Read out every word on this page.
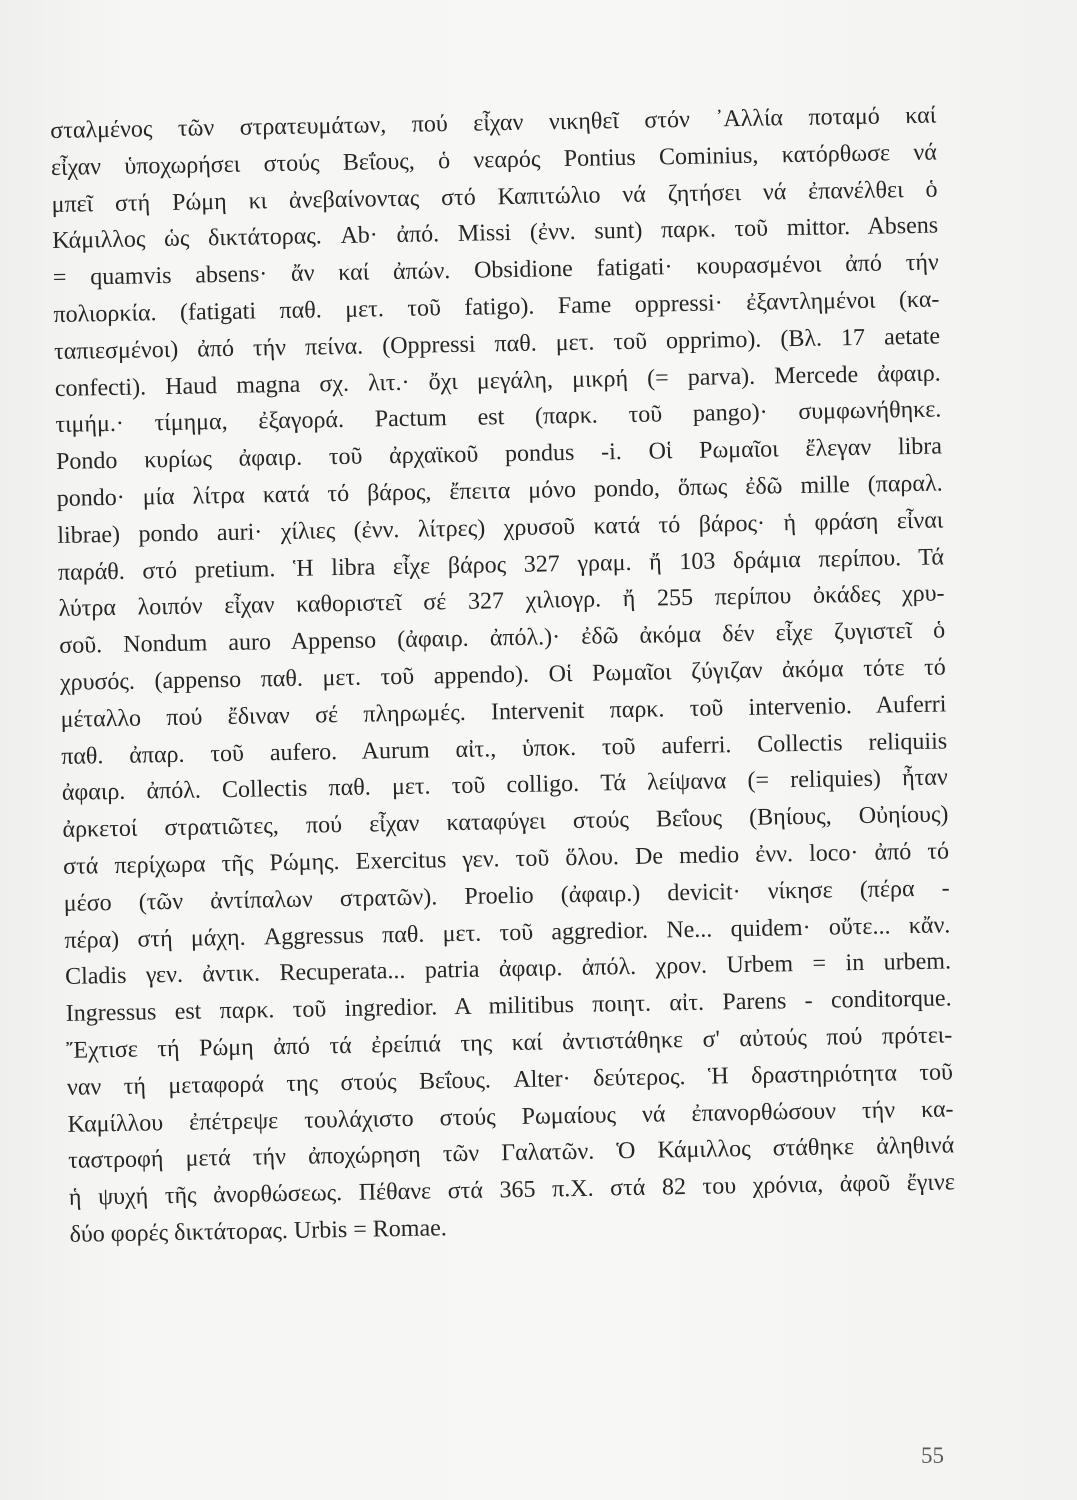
σταλμένος τῶν στρατευμάτων, πού εἶχαν νικηθεῖ στόν ᾿Αλλία ποταμό καί
εἶχαν ὑποχωρήσει στούς Βεΐους, ὁ νεαρός Pontius Cominius, κατόρθωσε νά
μπεῖ στή Ρώμη κι ἀνεβαίνοντας στό Καπιτώλιο νά ζητήσει νά ἐπανέλθει ὁ
Κάμιλλος ὡς δικτάτορας. Ab· ἀπό. Missi (ἐνν. sunt) παρκ. τοῦ mittor. Absens
= quamvis absens· ἄν καί ἀπών. Obsidione fatigati· κουρασμένοι ἀπό τήν
πολιορκία. (fatigati παθ. μετ. τοῦ fatigo). Fame oppressi· ἐξαντλημένοι (κα-
ταπιεσμένοι) ἀπό τήν πείνα. (Oppressi παθ. μετ. τοῦ opprimo). (Βλ. 17 aetate
confecti). Haud magna σχ. λιτ.· ὄχι μεγάλη, μικρή (= parva). Mercede ἀφαιρ.
τιμήμ.· τίμημα, ἐξαγορά. Pactum est (παρκ. τοῦ pango)· συμφωνήθηκε.
Pondo κυρίως ἀφαιρ. τοῦ ἀρχαϊκοῦ pondus -i. Οἱ Ρωμαῖοι ἔλεγαν libra
pondo· μία λίτρα κατά τό βάρος, ἔπειτα μόνο pondo, ὅπως ἐδῶ mille (παραλ.
librae) pondo auri· χίλιες (ἐνν. λίτρες) χρυσοῦ κατά τό βάρος· ἡ φράση εἶναι
παράθ. στό pretium. Ἡ libra εἶχε βάρος 327 γραμ. ἤ 103 δράμια περίπου. Τά
λύτρα λοιπόν εἶχαν καθοριστεῖ σέ 327 χιλιογρ. ἤ 255 περίπου ὀκάδες χρυ-
σοῦ. Nondum auro Appenso (ἀφαιρ. ἀπόλ.)· ἐδῶ ἀκόμα δέν εἶχε ζυγιστεῖ ὁ
χρυσός. (appenso παθ. μετ. τοῦ appendo). Οἱ Ρωμαῖοι ζύγιζαν ἀκόμα τότε τό
μέταλλο πού ἔδιναν σέ πληρωμές. Intervenit παρκ. τοῦ intervenio. Auferri
παθ. ἀπαρ. τοῦ aufero. Aurum αἰτ., ὑποκ. τοῦ auferri. Collectis reliquiis
ἀφαιρ. ἀπόλ. Collectis παθ. μετ. τοῦ colligo. Τά λείψανα (= reliquies) ἦταν
ἀρκετοί στρατιῶτες, πού εἶχαν καταφύγει στούς Βεΐους (Βηίους, Οὐηίους)
στά περίχωρα τῆς Ρώμης. Exercitus γεν. τοῦ ὅλου. De medio ἐνν. loco· ἀπό τό
μέσο (τῶν ἀντίπαλων στρατῶν). Proelio (ἀφαιρ.) devicit· νίκησε (πέρα -
πέρα) στή μάχη. Aggressus παθ. μετ. τοῦ aggredior. Ne... quidem· οὔτε... κἄν.
Cladis γεν. ἀντικ. Recuperata... patria ἀφαιρ. ἀπόλ. χρον. Urbem = in urbem.
Ingressus est παρκ. τοῦ ingredior. A militibus ποιητ. αἰτ. Parens - conditorque.
Ἔχτισε τή Ρώμη ἀπό τά ἐρείπιά της καί ἀντιστάθηκε σ' αὐτούς πού πρότει-
ναν τή μεταφορά της στούς Βεΐους. Alter· δεύτερος. Ἡ δραστηριότητα τοῦ
Καμίλλου ἐπέτρεψε τουλάχιστο στούς Ρωμαίους νά ἐπανορθώσουν τήν κα-
ταστροφή μετά τήν ἀποχώρηση τῶν Γαλατῶν. Ὁ Κάμιλλος στάθηκε ἀληθινά
ἡ ψυχή τῆς ἀνορθώσεως. Πέθανε στά 365 π.Χ. στά 82 του χρόνια, ἀφοῦ ἔγινε
δύο φορές δικτάτορας. Urbis = Romae.
55
